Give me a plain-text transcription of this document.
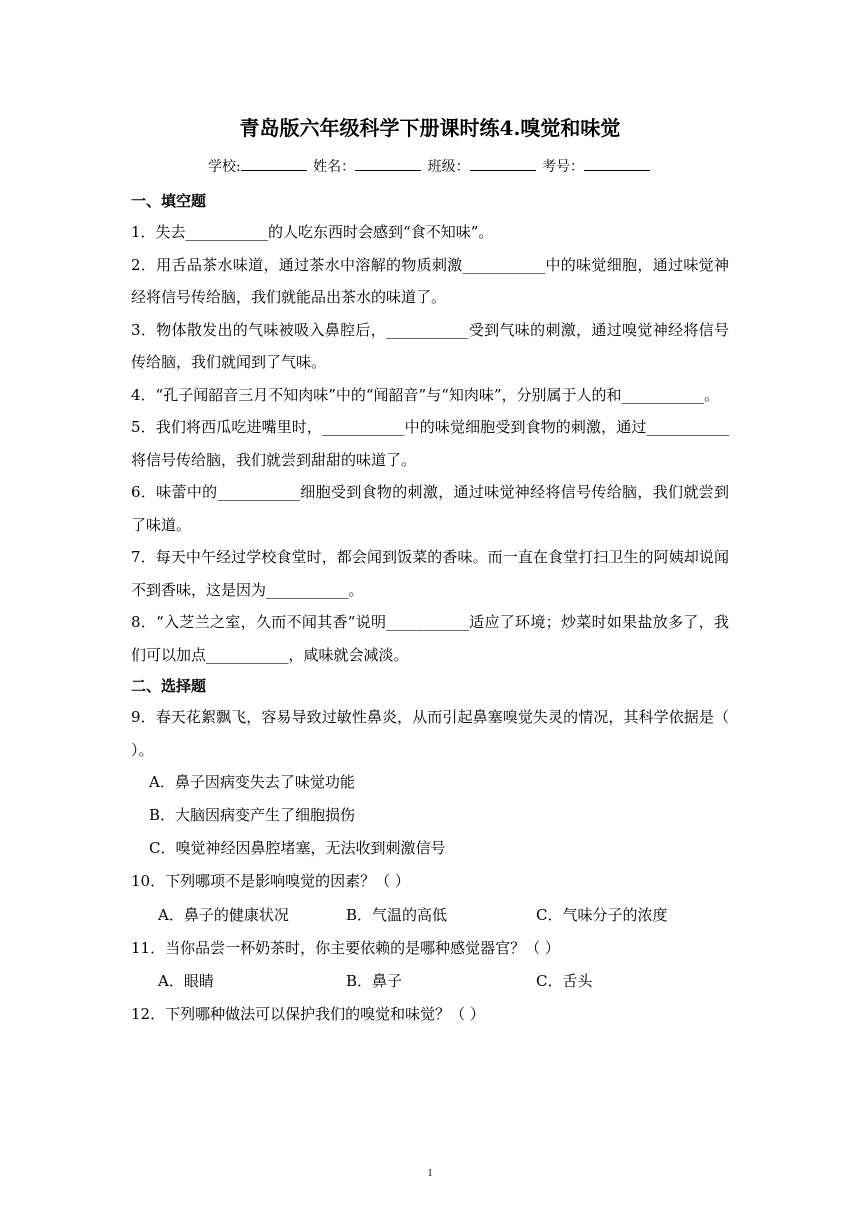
青岛版六年级科学下册课时练4.嗅觉和味觉
学校:	姓名：	班级：	考号：
一、填空题
1．失去___________的人吃东西时会感到“食不知味”。
2．用舌品茶水味道，通过茶水中溶解的物质刺激___________中的味觉细胞，通过味觉神经将信号传给脑，我们就能品出茶水的味道了。
3．物体散发出的气味被吸入鼻腔后，___________受到气味的刺激，通过嗅觉神经将信号传给脑，我们就闻到了气味。
4．“孔子闻韶音三月不知肉味”中的“闻韶音”与“知肉味”，分别属于人的和___________。
5．我们将西瓜吃进嘴里时，___________中的味觉细胞受到食物的刺激，通过___________将信号传给脑，我们就尝到甜甜的味道了。
6．味蕾中的___________细胞受到食物的刺激，通过味觉神经将信号传给脑，我们就尝到了味道。
7．每天中午经过学校食堂时，都会闻到饭菜的香味。而一直在食堂打扫卫生的阿姨却说闻不到香味，这是因为___________。
8．“入芝兰之室，久而不闻其香”说明___________适应了环境；炒菜时如果盐放多了，我们可以加点___________，咸味就会减淡。
二、选择题
9．春天花絮飘飞，容易导致过敏性鼻炎，从而引起鼻塞嗅觉失灵的情况，其科学依据是（ ）。
A．鼻子因病变失去了味觉功能
B．大脑因病变产生了细胞损伤
C．嗅觉神经因鼻腔堵塞，无法收到刺激信号
10．下列哪项不是影响嗅觉的因素？（ ）
A．鼻子的健康状况	B．气温的高低	C．气味分子的浓度
11．当你品尝一杯奶茶时，你主要依赖的是哪种感觉器官？（ ）
A．眼睛	B．鼻子	C．舌头
12．下列哪种做法可以保护我们的嗅觉和味觉？（ ）
1
